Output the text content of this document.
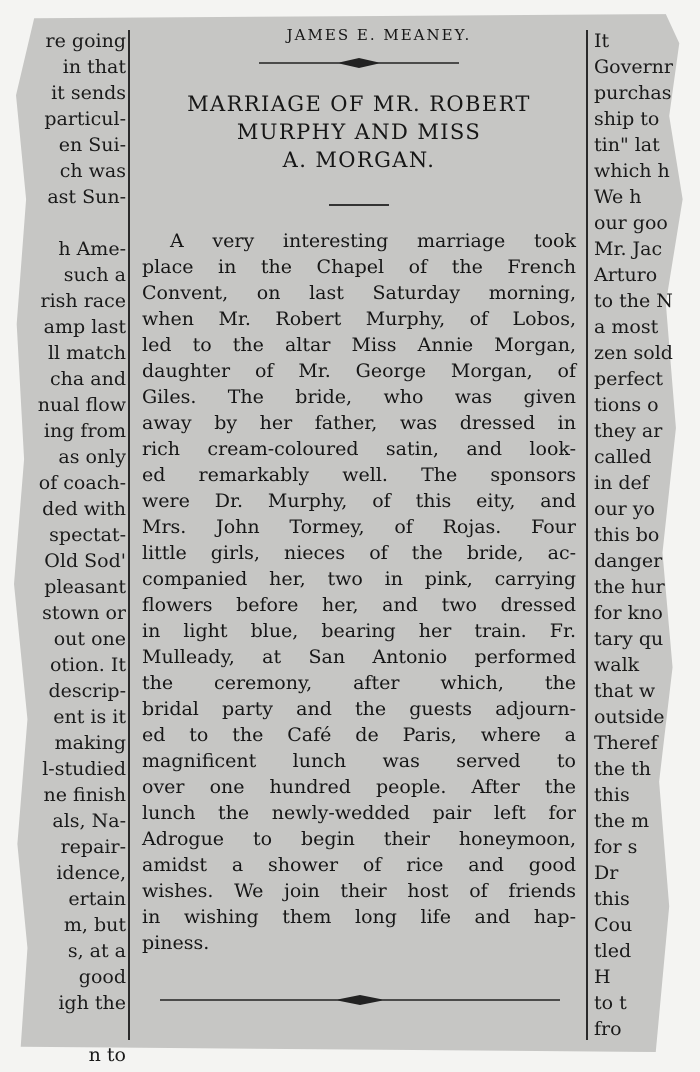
re going
in that
it sends
particul-
en Sui-
ch was
ast Sun-
h Ame-
such a
rish race
amp last
ll match
cha and
nual flow
ing from
as only
of coach-
ded with
spectat-
Old Sod'
pleasant
stown or
out one
otion. It
descrip-
ent is it
making
l-studied
ne finish
als, Na-
repair-
idence,
ertain
m, but
s, at a
good
igh the
n to
JAMES E. MEANEY.
MARRIAGE OF MR. ROBERT
MURPHY AND MISS
A. MORGAN.
A very interesting marriage took
place in the Chapel of the French
Convent, on last Saturday morning,
when Mr. Robert Murphy, of Lobos,
led to the altar Miss Annie Morgan,
daughter of Mr. George Morgan, of
Giles. The bride, who was given
away by her father, was dressed in
rich cream-coloured satin, and look-
ed remarkably well. The sponsors
were Dr. Murphy, of this eity, and
Mrs. John Tormey, of Rojas. Four
little girls, nieces of the bride, ac-
companied her, two in pink, carrying
flowers before her, and two dressed
in light blue, bearing her train. Fr.
Mulleady, at San Antonio performed
the ceremony, after which, the
bridal party and the guests adjourn-
ed to the Café de Paris, where a
magnificent lunch was served to
over one hundred people. After the
lunch the newly-wedded pair left for
Adrogue to begin their honeymoon,
amidst a shower of rice and good
wishes. We join their host of friends
in wishing them long life and hap-
piness.
It
Governr
purchas
ship to
tin" lat
which h
We h
our goo
Mr. Jac
Arturo
to the N
a most
zen sold
perfect
tions o
they ar
called
in def
our yo
this bo
danger
the hur
for kno
tary qu
walk
that w
outside
Theref
the th
this
the m
for s
Dr
this
Cou
tled
H
to t
fro
